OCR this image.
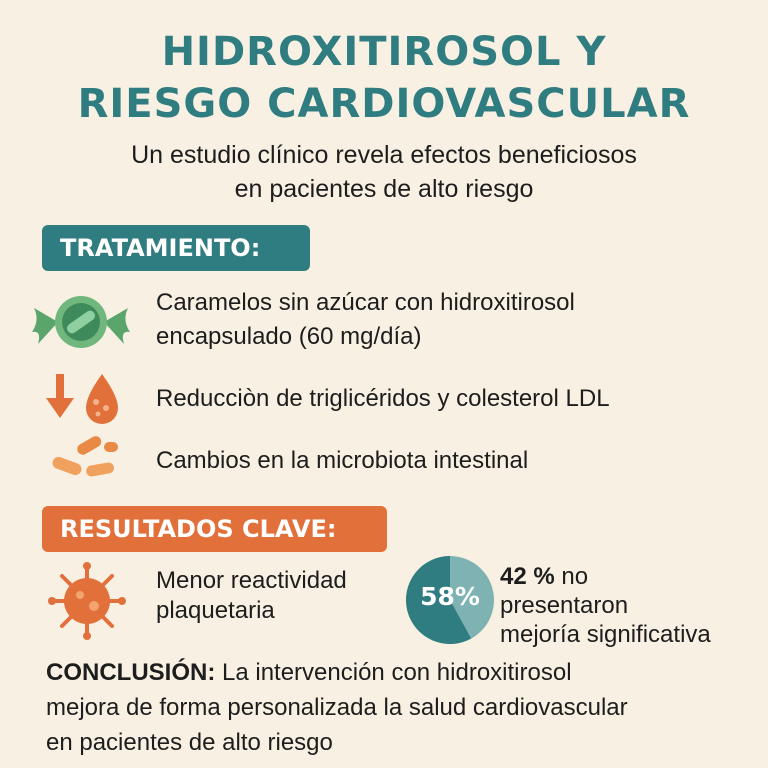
HIDROXITIROSOL Y
RIESGO CARDIOVASCULAR
Un estudio clínico revela efectos beneficiosos
en pacientes de alto riesgo
TRATAMIENTO:
Caramelos sin azúcar con hidroxitirosol
encapsulado (60 mg/día)
Reducciòn de triglicéridos y colesterol LDL
Cambios en la microbiota intestinal
RESULTADOS CLAVE:
Menor reactividad
plaquetaria	58%
42 % no
presentaron
mejoría significativa
CONCLUSIÓN: La intervención con hidroxitirosol
mejora de forma personalizada la salud cardiovascular
en pacientes de alto riesgo
